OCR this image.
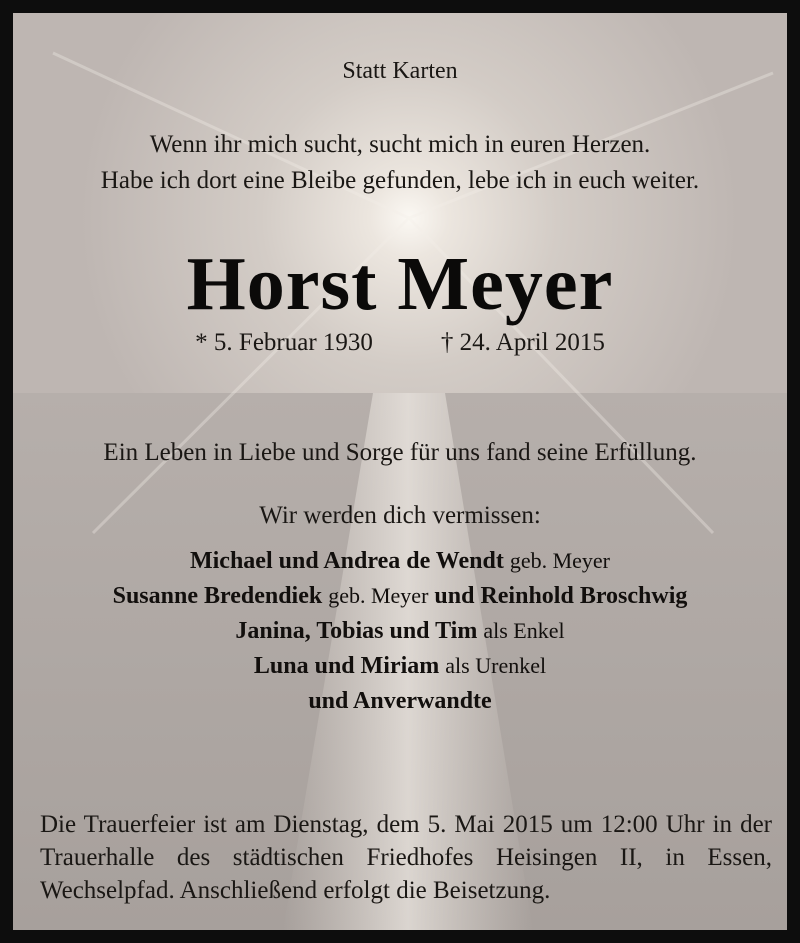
Statt Karten
Wenn ihr mich sucht, sucht mich in euren Herzen.
Habe ich dort eine Bleibe gefunden, lebe ich in euch weiter.
Horst Meyer
* 5. Februar 1930	† 24. April 2015
Ein Leben in Liebe und Sorge für uns fand seine Erfüllung.
Wir werden dich vermissen:
Michael und Andrea de Wendt geb. Meyer
Susanne Bredendiek geb. Meyer und Reinhold Broschwig
Janina, Tobias und Tim als Enkel
Luna und Miriam als Urenkel
und Anverwandte
Die Trauerfeier ist am Dienstag, dem 5. Mai 2015 um 12:00 Uhr in der Trauerhalle des städtischen Friedhofes Heisingen II, in Essen, Wechselpfad. Anschließend erfolgt die Beisetzung.
